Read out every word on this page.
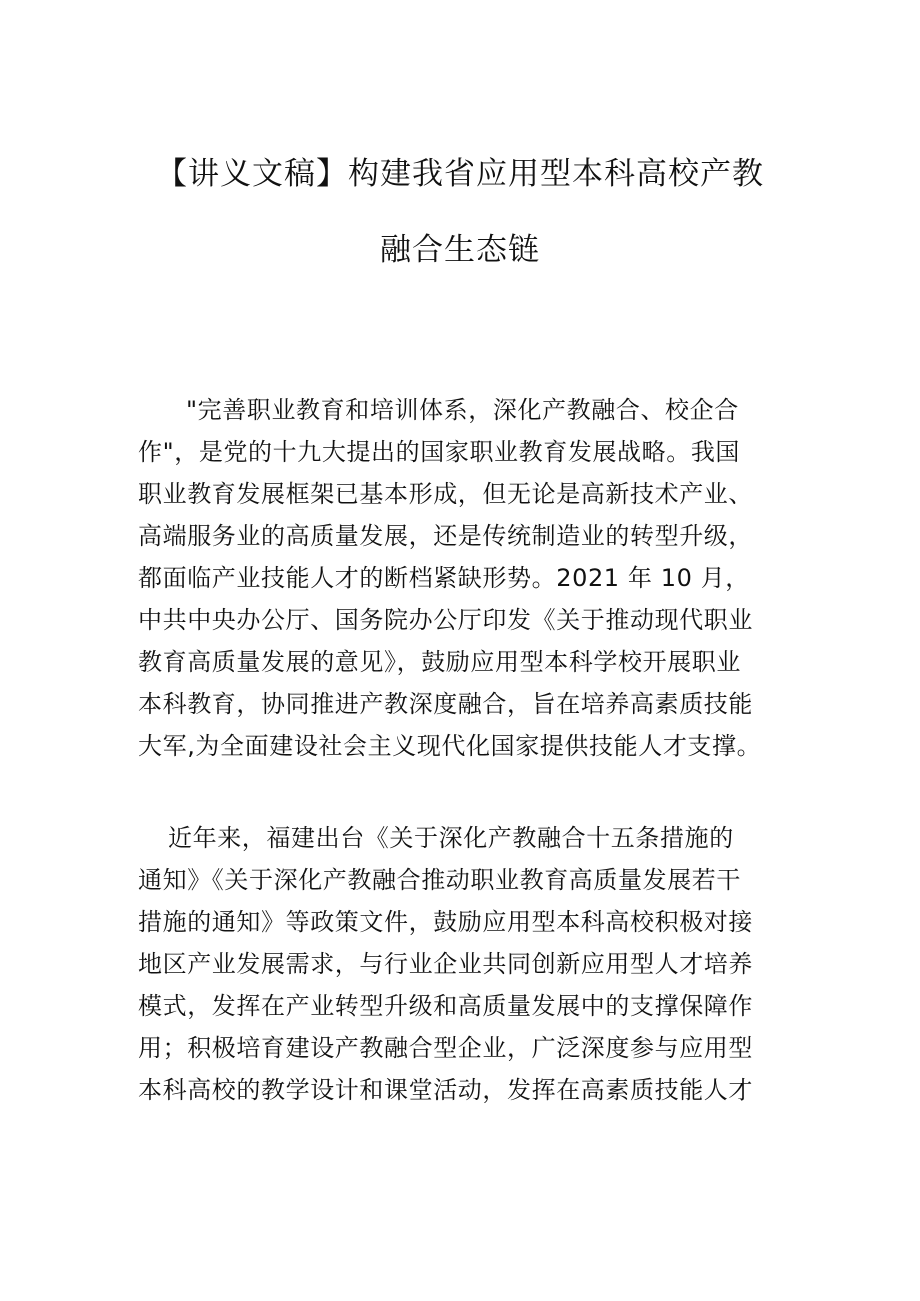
【讲义文稿】构建我省应用型本科高校产教
融合生态链
"完善职业教育和培训体系，深化产教融合、校企合
作"，是党的十九大提出的国家职业教育发展战略。我国
职业教育发展框架已基本形成，但无论是高新技术产业、
高端服务业的高质量发展，还是传统制造业的转型升级，
都面临产业技能人才的断档紧缺形势。2021 年 10 月，
中共中央办公厅、国务院办公厅印发《关于推动现代职业
教育高质量发展的意见》，鼓励应用型本科学校开展职业
本科教育，协同推进产教深度融合，旨在培养高素质技能
大军,为全面建设社会主义现代化国家提供技能人才支撑。
近年来，福建出台《关于深化产教融合十五条措施的
通知》《关于深化产教融合推动职业教育高质量发展若干
措施的通知》等政策文件，鼓励应用型本科高校积极对接
地区产业发展需求，与行业企业共同创新应用型人才培养
模式，发挥在产业转型升级和高质量发展中的支撑保障作
用；积极培育建设产教融合型企业，广泛深度参与应用型
本科高校的教学设计和课堂活动，发挥在高素质技能人才
